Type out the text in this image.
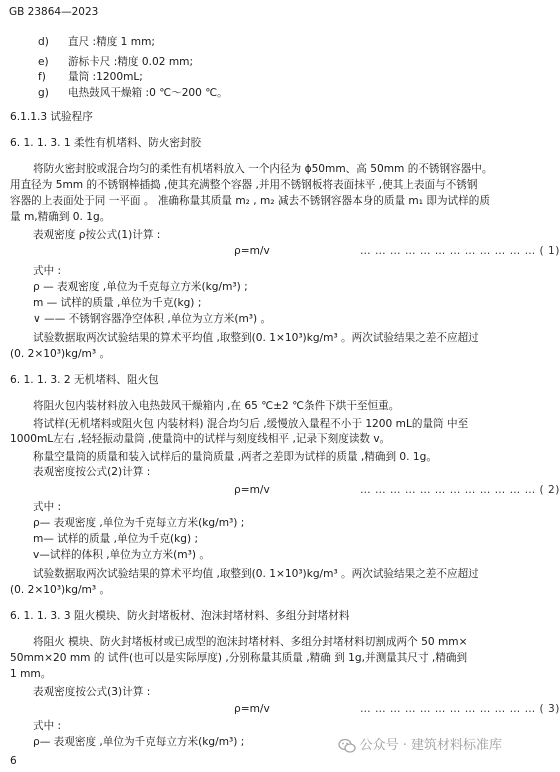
GB 23864—2023
d) 直尺 :精度 1 mm;
e) 游标卡尺 :精度 0.02 mm;
f) 量筒 :1200mL;
g) 电热鼓风干燥箱 :0 ℃～200 ℃。
6.1.1.3 试验程序
6. 1. 1. 3. 1 柔性有机堵料、防火密封胶
将防火密封胶或混合均匀的柔性有机堵料放入 一个内径为 ϕ50mm、高 50mm 的不锈钢容器中。
用直径为 5mm 的不锈钢棒插捣 ,使其充满整个容器 ,并用不锈钢板将表面抹平 ,使其上表面与不锈钢
容器的上表面处于同 一平面 。 准确称量其质量 m₂ , m₂ 减去不锈钢容器本身的质量 m₁ 即为试样的质
量 m,精确到 0. 1g。
表观密度 ρ按公式(1)计算 :
ρ=m/v	… … … … … … … … … … … … ( 1)
式中 :
ρ — 表观密度 ,单位为千克每立方米(kg/m³) ;
m — 试样的质量 ,单位为千克(kg) ;
∨ —— 不锈钢容器净空体积 ,单位为立方米(m³) 。
试验数据取两次试验结果的算术平均值 ,取整到(0. 1×10³)kg/m³ 。两次试验结果之差不应超过
(0. 2×10³)kg/m³ 。
6. 1. 1. 3. 2 无机堵料、阻火包
将阻火包内装材料放入电热鼓风干燥箱内 ,在 65 ℃±2 ℃条件下烘干至恒重。
将试样(无机堵料或阻火包 内装材料) 混合均匀后 ,缓慢放入量程不小于 1200 mL的量筒 中至
1000mL左右 ,轻轻振动量筒 ,使量筒中的试样与刻度线相平 ,记录下刻度读数 v。
称量空量筒的质量和装入试样后的量筒质量 ,两者之差即为试样的质量 ,精确到 0. 1g。
表观密度按公式(2)计算 :
ρ=m/v	… … … … … … … … … … … … ( 2)
式中 :
ρ— 表观密度 ,单位为千克每立方米(kg/m³) ;
m— 试样的质量 ,单位为千克(kg) ;
v—试样的体积 ,单位为立方米(m³) 。
试验数据取两次试验结果的算术平均值 ,取整到(0. 1×10³)kg/m³ 。两次试验结果之差不应超过
(0. 2×10³)kg/m³ 。
6. 1. 1. 3. 3 阻火模块、防火封堵板材、泡沫封堵材料、多组分封堵材料
将阻火 模块、防火封堵板材或已成型的泡沫封堵材料、多组分封堵材料切割成两个 50 mm×
50mm×20 mm 的 试件(也可以是实际厚度) ,分别称量其质量 ,精确 到 1g,并测量其尺寸 ,精确到
1 mm。
表观密度按公式(3)计算 :
ρ=m/v	… … … … … … … … … … … … ( 3)
式中 :
ρ— 表观密度 ,单位为千克每立方米(kg/m³) ;	公众号 · 建筑材料标准库
6
